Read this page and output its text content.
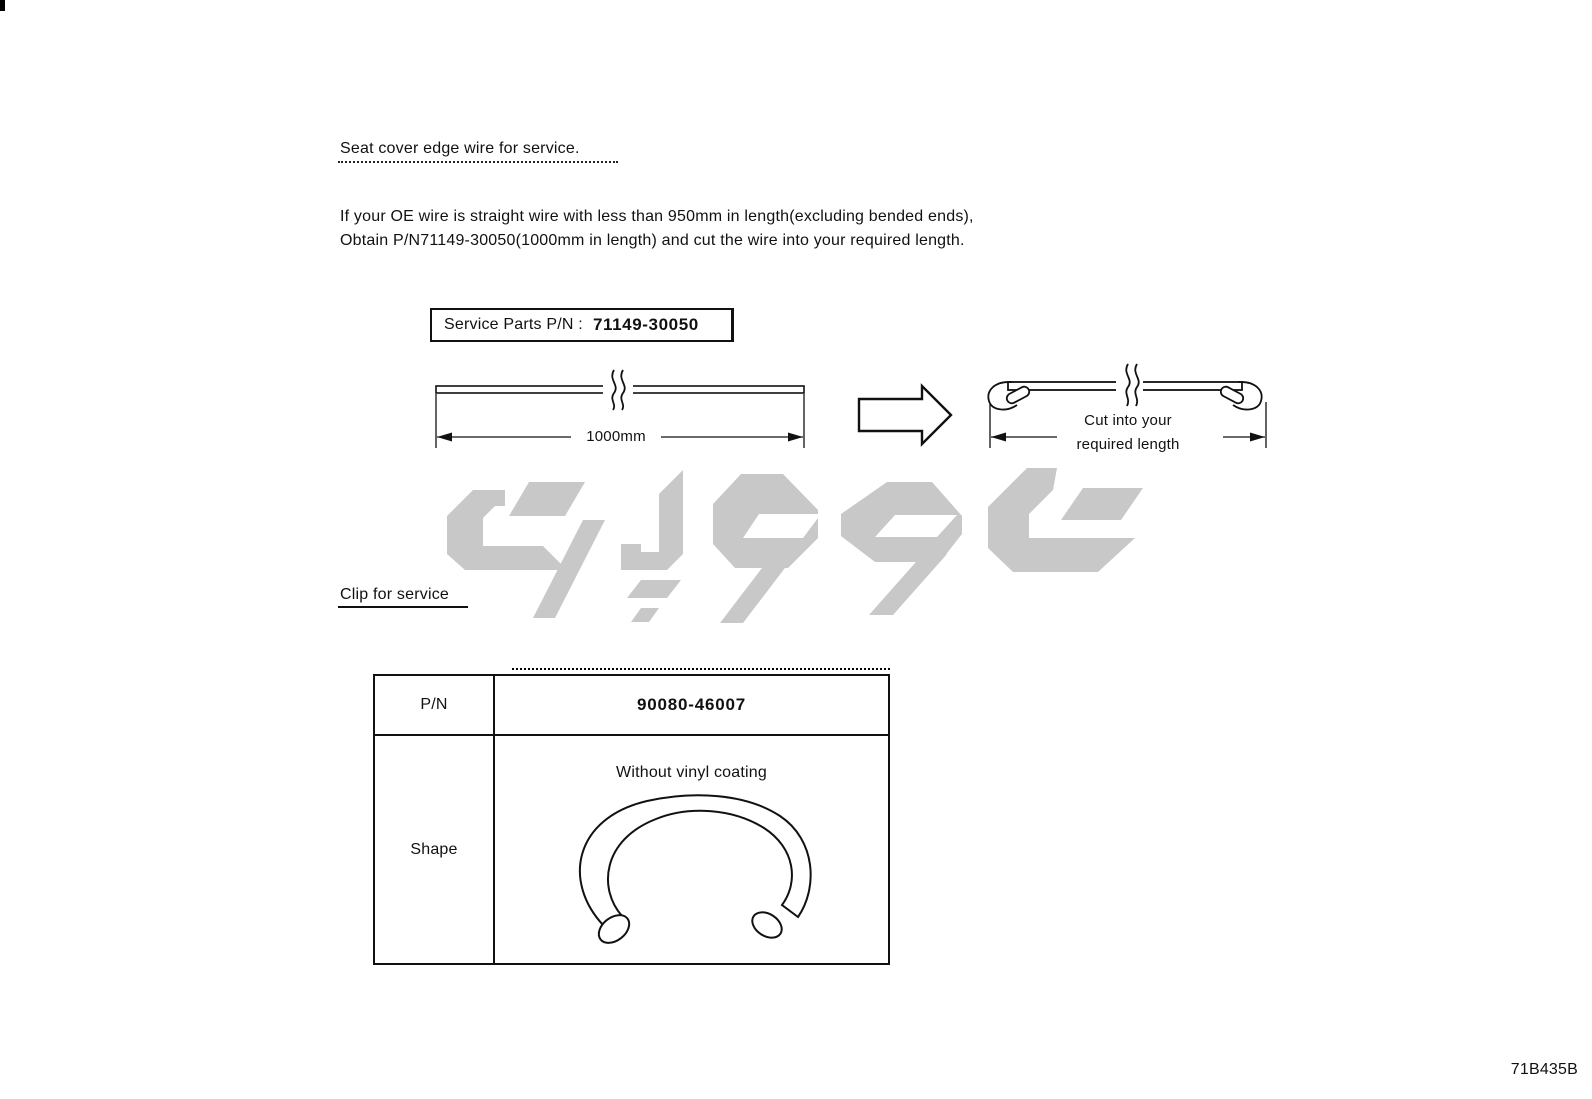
Seat cover edge wire for service.
If your OE wire is straight wire with less than 950mm in length(excluding bended ends),
Obtain P/N71149-30050(1000mm in length) and cut the wire into your required length.
Service Parts P/N : 71149-30050
1000mm
Cut into your
required length
Clip for service
P/N	90080-46007
Shape
Without vinyl coating
71B435B
